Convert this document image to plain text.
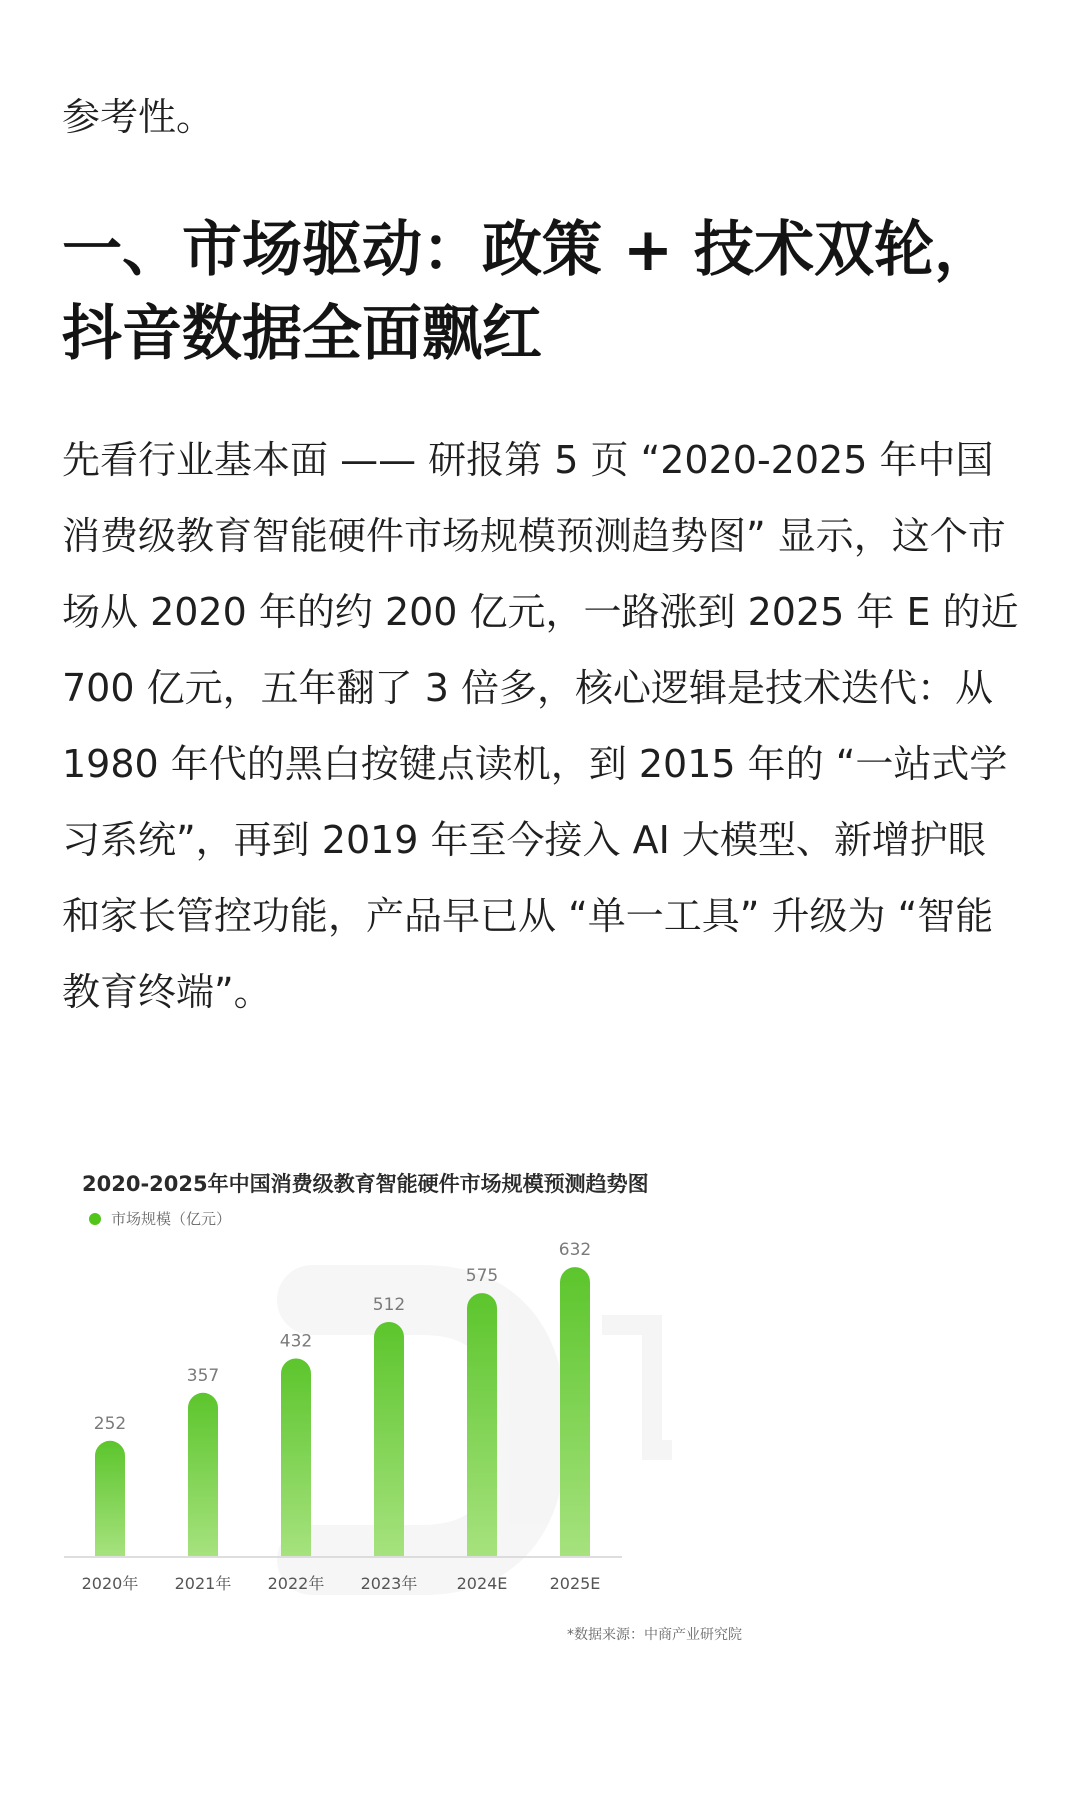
参考性。
一、市场驱动：政策 + 技术双轮，
抖音数据全面飘红

先看行业基本面 —— 研报第 5 页 “2020-2025 年中国消费级教育智能硬件市场规模预测趋势图” 显示，这个市场从 2020 年的约 200 亿元，一路涨到 2025 年 E 的近 700 亿元，五年翻了 3 倍多，核心逻辑是技术迭代：从 1980 年代的黑白按键点读机，到 2015 年的 “一站式学习系统”，再到 2019 年至今接入 AI 大模型、新增护眼和家长管控功能，产品早已从 “单一工具” 升级为 “智能教育终端”。

2020-2025年中国消费级教育智能硬件市场规模预测趋势图
市场规模（亿元）
252
357
432
512
575
632
2020年 2021年 2022年 2023年 2024E	2025E
*数据来源：中商产业研究院
